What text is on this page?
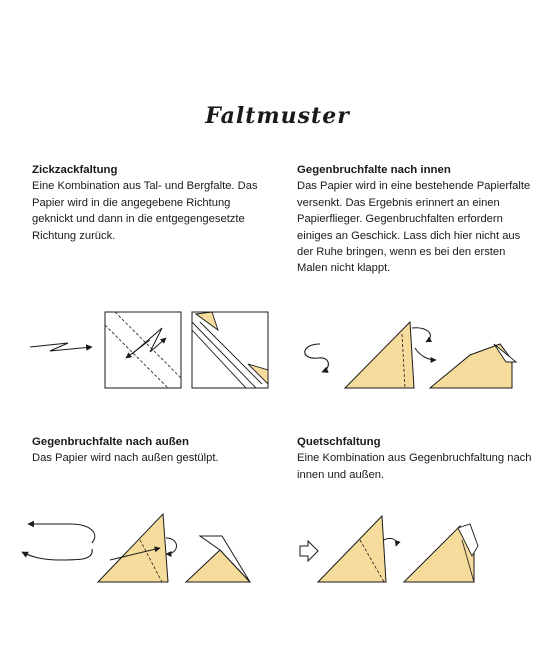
Faltmuster
Zickzackfaltung

Eine Kombination aus Tal- und Bergfalte. Das Papier wird in die angegebene Richtung geknickt und dann in die entgegengesetzte Richtung zurück.

Gegenbruchfalte nach innen

Das Papier wird in eine bestehende Papierfalte versenkt. Das Ergebnis erinnert an einen Papierflieger. Gegenbruchfalten erfordern einiges an Geschick. Lass dich hier nicht aus der Ruhe bringen, wenn es bei den ersten Malen nicht klappt.

Gegenbruchfalte nach außen

Das Papier wird nach außen gestülpt.

Quetschfaltung

Eine Kombination aus Gegenbruchfaltung nach innen und außen.
